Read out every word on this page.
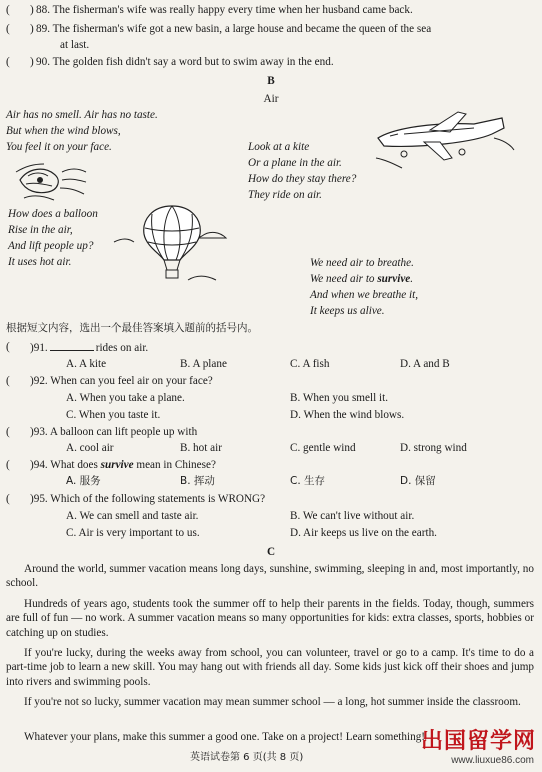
( ) 88. The fisherman's wife was really happy every time when her husband came back.
( ) 89. The fisherman's wife got a new basin, a large house and became the queen of the sea
at last.
( ) 90. The golden fish didn't say a word but to swim away in the end.
B
Air
Air has no smell. Air has no taste.
But when the wind blows,
You feel it on your face.
How does a balloon
Rise in the air,
And lift people up?
It uses hot air.
Look at a kite
Or a plane in the air.
How do they stay there?
They ride on air.
We need air to breathe.
We need air to survive.
And when we breathe it,
It keeps us alive.
根据短文内容，选出一个最佳答案填入题前的括号内。
( )91.	rides on air.
A. A kite	B. A plane	C. A fish	D. A and B
( )92. When can you feel air on your face?
A. When you take a plane.	B. When you smell it.
C. When you taste it.	D. When the wind blows.
( )93. A balloon can lift people up with
A. cool air	B. hot air	C. gentle wind	D. strong wind
( )94. What does survive mean in Chinese?
A. 服务	B. 挥动	C. 生存	D. 保留
( )95. Which of the following statements is WRONG?
A. We can smell and taste air.	B. We can't live without air.
C. Air is very important to us.	D. Air keeps us live on the earth.
C
Around the world, summer vacation means long days, sunshine, swimming, sleeping in and, most importantly, no school.
Hundreds of years ago, students took the summer off to help their parents in the fields. Today, though, summers are full of fun — no work. A summer vacation means so many opportunities for kids: extra classes, sports, hobbies or catching up on studies.
If you're lucky, during the weeks away from school, you can volunteer, travel or go to a camp. It's time to do a part-time job to learn a new skill. You may hang out with friends all day. Some kids just kick off their shoes and jump into rivers and swimming pools.
If you're not so lucky, summer vacation may mean summer school — a long, hot summer inside the classroom.
Whatever your plans, make this summer a good one. Take on a project! Learn something!
英语试卷第 6 页(共 8 页)
出国留学网
www.liuxue86.com
